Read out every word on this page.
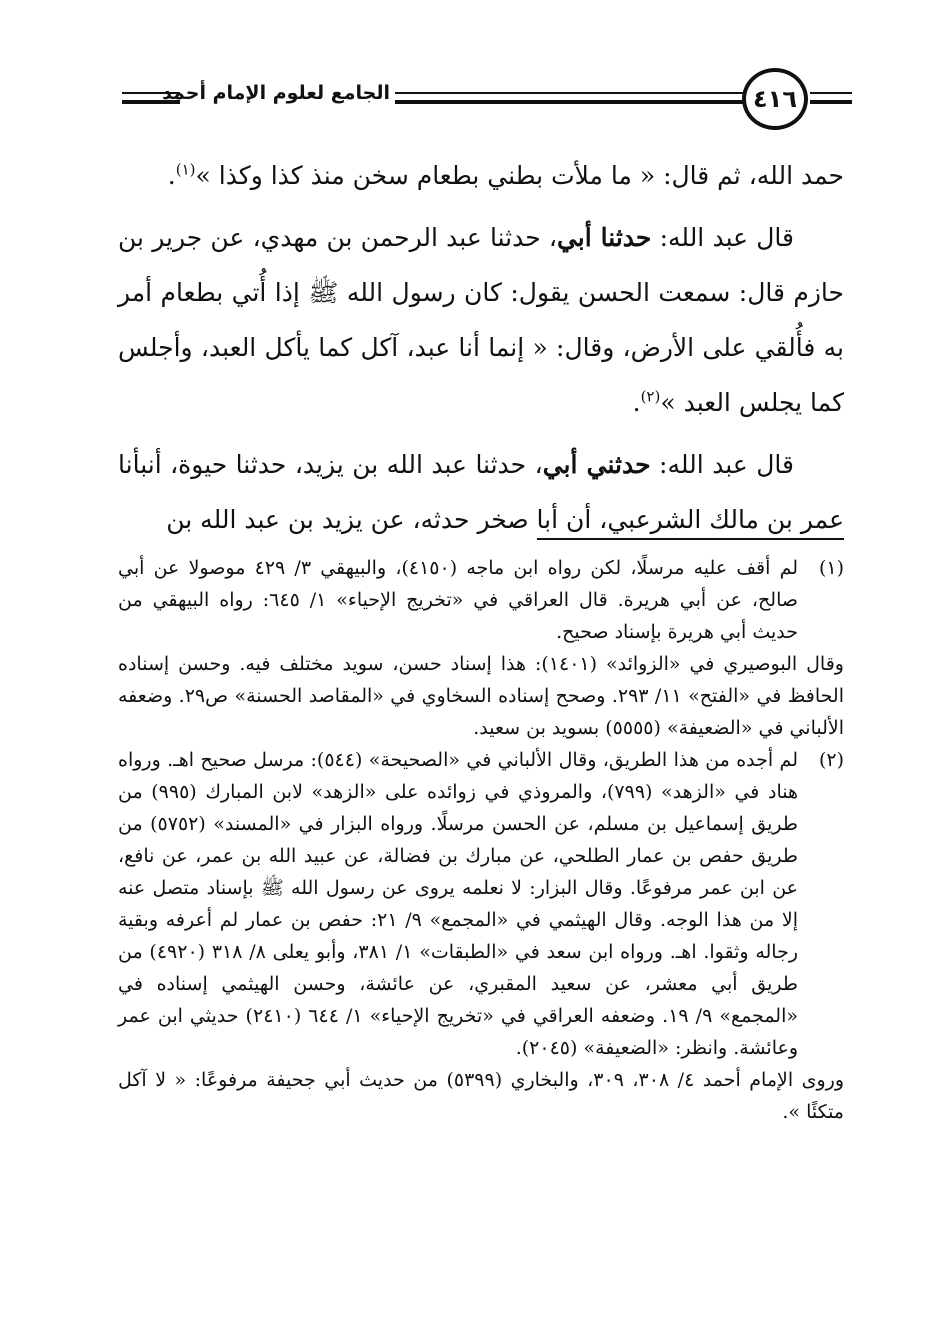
الجامع لعلوم الإمام أحمد	٤١٦

حمد الله، ثم قال: « ما ملأت بطني بطعام سخن منذ كذا وكذا »$^{(١)}$.

قال عبد الله: حدثنا أبي، حدثنا عبد الرحمن بن مهدي، عن جرير بن حازم قال: سمعت الحسن يقول: كان رسول الله ﷺ إذا أُتي بطعام أمر به فأُلقي على الأرض، وقال: « إنما أنا عبد، آكل كما يأكل العبد، وأجلس كما يجلس العبد »$^{(٢)}$.

قال عبد الله: حدثني أبي، حدثنا عبد الله بن يزيد، حدثنا حيوة، أنبأنا عمر بن مالك الشرعبي، أن أبا صخر حدثه، عن يزيد بن عبد الله بن

(١)

لم أقف عليه مرسلًا، لكن رواه ابن ماجه (٤١٥٠)، والبيهقي ٣/ ٤٢٩ موصولا عن أبي صالح، عن أبي هريرة. قال العراقي في «تخريج الإحياء» ١/ ٦٤٥: رواه البيهقي من حديث أبي هريرة بإسناد صحيح.

وقال البوصيري في «الزوائد» (١٤٠١): هذا إسناد حسن، سويد مختلف فيه. وحسن إسناده الحافظ في «الفتح» ١١/ ٢٩٣. وصحح إسناده السخاوي في «المقاصد الحسنة» ص٢٩. وضعفه الألباني في «الضعيفة» (٥٥٥٥) بسويد بن سعيد.

(٢)

لم أجده من هذا الطريق، وقال الألباني في «الصحيحة» (٥٤٤): مرسل صحيح اهـ. ورواه هناد في «الزهد» (٧٩٩)، والمروذي في زوائده على «الزهد» لابن المبارك (٩٩٥) من طريق إسماعيل بن مسلم، عن الحسن مرسلًا. ورواه البزار في «المسند» (٥٧٥٢) من طريق حفص بن عمار الطلحي، عن مبارك بن فضالة، عن عبيد الله بن عمر، عن نافع، عن ابن عمر مرفوعًا. وقال البزار: لا نعلمه يروى عن رسول الله ﷺ بإسناد متصل عنه إلا من هذا الوجه. وقال الهيثمي في «المجمع» ٩/ ٢١: حفص بن عمار لم أعرفه وبقية رجاله وثقوا. اهـ. ورواه ابن سعد في «الطبقات» ١/ ٣٨١، وأبو يعلى ٨/ ٣١٨ (٤٩٢٠) من طريق أبي معشر، عن سعيد المقبري، عن عائشة، وحسن الهيثمي إسناده في «المجمع» ٩/ ١٩. وضعفه العراقي في «تخريج الإحياء» ١/ ٦٤٤ (٢٤١٠) حديثي ابن عمر وعائشة. وانظر: «الضعيفة» (٢٠٤٥).

وروى الإمام أحمد ٤/ ٣٠٨، ٣٠٩، والبخاري (٥٣٩٩) من حديث أبي جحيفة مرفوعًا: « لا آكل متكئًا ».
